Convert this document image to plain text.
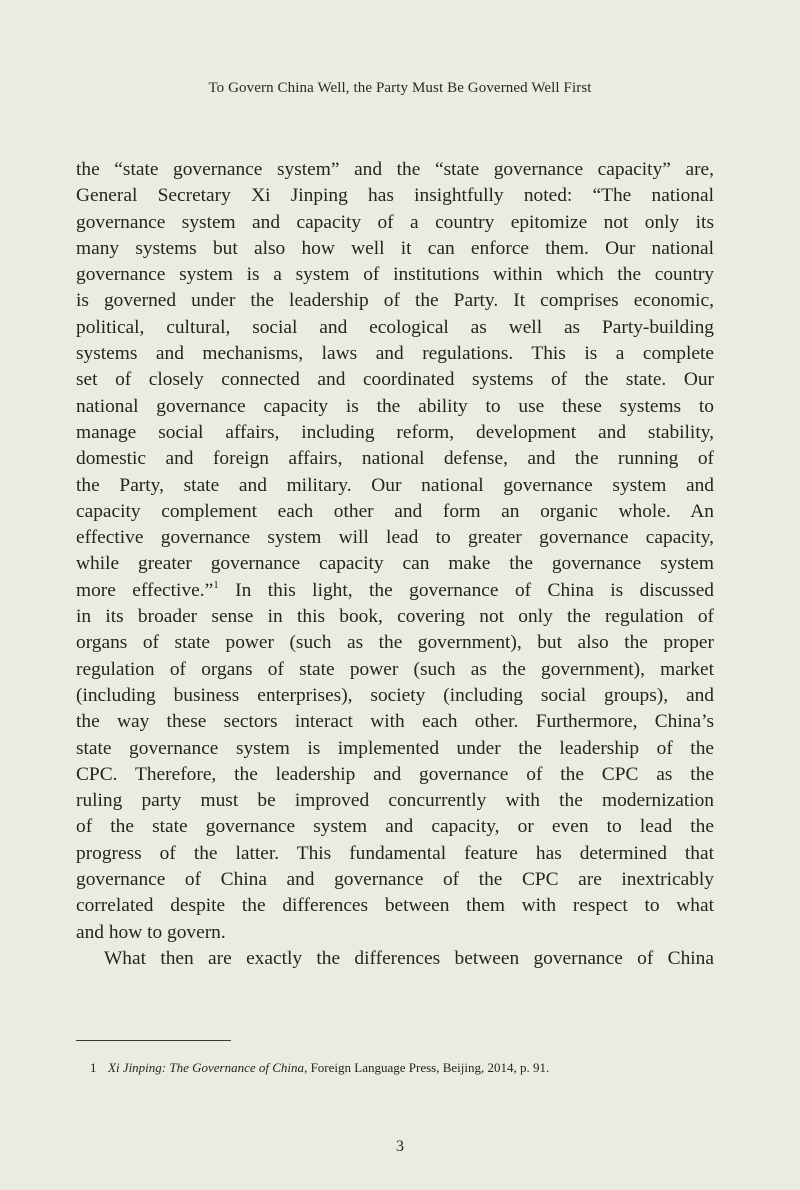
To Govern China Well, the Party Must Be Governed Well First
the “state governance system” and the “state governance capacity” are,
General Secretary Xi Jinping has insightfully noted: “The national
governance system and capacity of a country epitomize not only its
many systems but also how well it can enforce them. Our national
governance system is a system of institutions within which the country
is governed under the leadership of the Party. It comprises economic,
political, cultural, social and ecological as well as Party-building
systems and mechanisms, laws and regulations. This is a complete
set of closely connected and coordinated systems of the state. Our
national governance capacity is the ability to use these systems to
manage social affairs, including reform, development and stability,
domestic and foreign affairs, national defense, and the running of
the Party, state and military. Our national governance system and
capacity complement each other and form an organic whole. An
effective governance system will lead to greater governance capacity,
while greater governance capacity can make the governance system
more effective.”$^1$ In this light, the governance of China is discussed
in its broader sense in this book, covering not only the regulation of
organs of state power (such as the government), but also the proper
regulation of organs of state power (such as the government), market
(including business enterprises), society (including social groups), and
the way these sectors interact with each other. Furthermore, China’s
state governance system is implemented under the leadership of the
CPC. Therefore, the leadership and governance of the CPC as the
ruling party must be improved concurrently with the modernization
of the state governance system and capacity, or even to lead the
progress of the latter. This fundamental feature has determined that
governance of China and governance of the CPC are inextricably
correlated despite the differences between them with respect to what
and how to govern.
What then are exactly the differences between governance of China
1 Xi Jinping: The Governance of China, Foreign Language Press, Beijing, 2014, p. 91.
3
